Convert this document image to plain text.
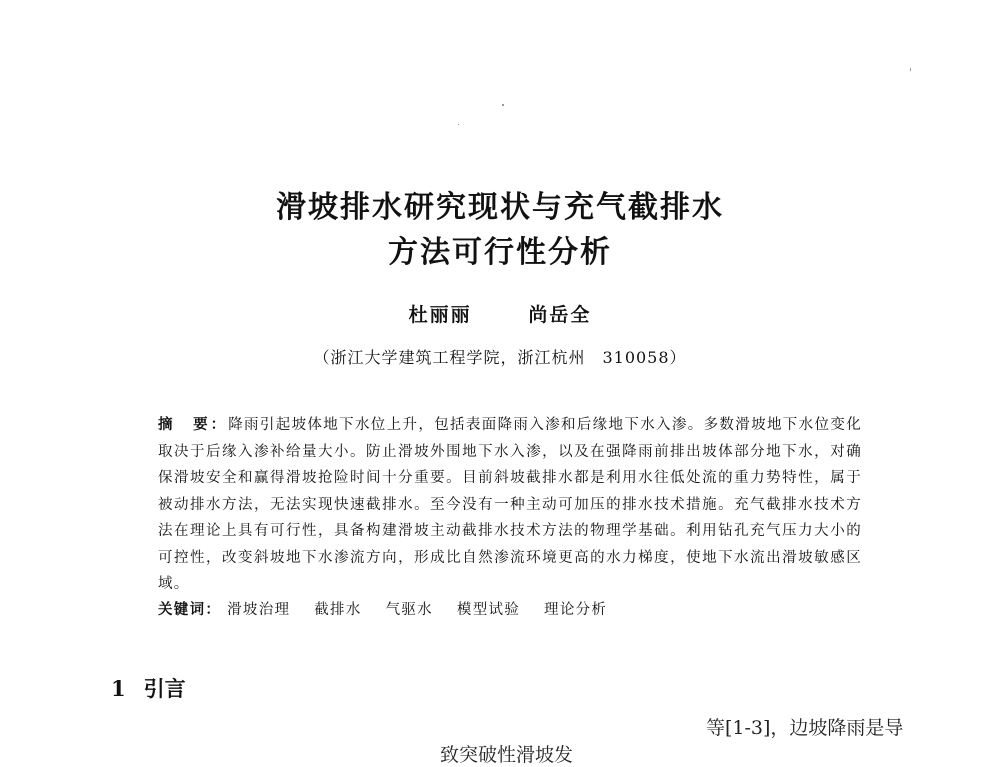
滑坡排水研究现状与充气截排水
方法可行性分析
杜丽丽	尚岳全
（浙江大学建筑工程学院，浙江杭州　310058）
摘　要：降雨引起坡体地下水位上升，包括表面降雨入渗和后缘地下水入渗。多数滑坡地下水位变化取决于后缘入渗补给量大小。防止滑坡外围地下水入渗，以及在强降雨前排出坡体部分地下水，对确保滑坡安全和赢得滑坡抢险时间十分重要。目前斜坡截排水都是利用水往低处流的重力势特性，属于被动排水方法，无法实现快速截排水。至今没有一种主动可加压的排水技术措施。充气截排水技术方法在理论上具有可行性，具备构建滑坡主动截排水技术方法的物理学基础。利用钻孔充气压力大小的可控性，改变斜坡地下水渗流方向，形成比自然渗流环境更高的水力梯度，使地下水流出滑坡敏感区域。
关键词： 滑坡治理 截排水 气驱水 模型试验 理论分析
1 引言
　　　　　　　　　　　　　　等[1-3]，边坡降雨是导致突破性滑坡发
